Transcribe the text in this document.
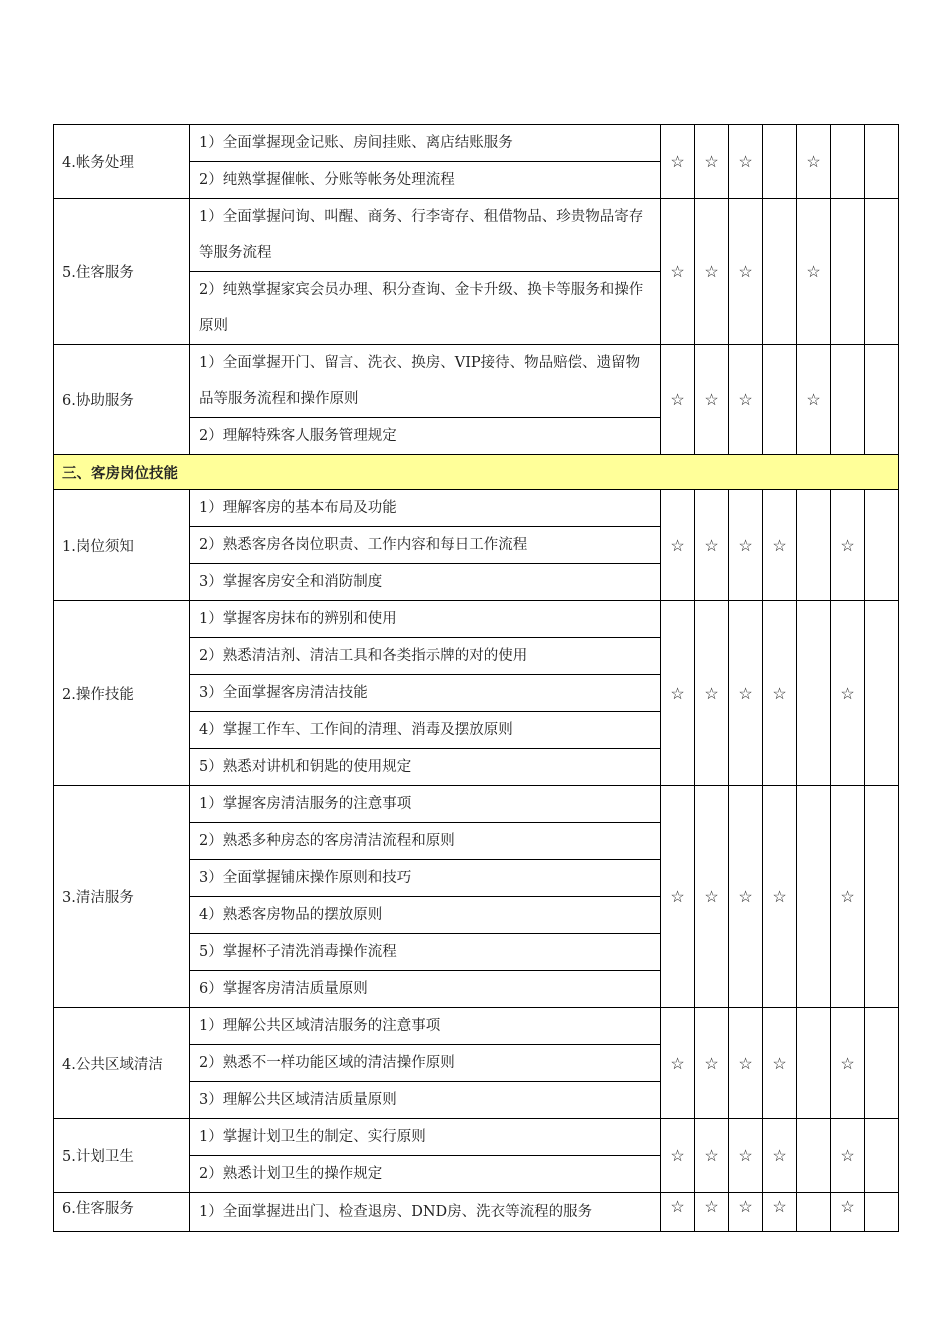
4.帐务处理	1）全面掌握现金记账、房间挂账、离店结账服务	☆	☆	☆		☆		
	2）纯熟掌握催帐、分账等帐务处理流程							
5.住客服务	1）全面掌握问询、叫醒、商务、行李寄存、租借物品、珍贵物品寄存等服务流程	☆	☆	☆		☆		
	2）纯熟掌握家宾会员办理、积分查询、金卡升级、换卡等服务和操作原则							
6.协助服务	1）全面掌握开门、留言、洗衣、换房、VIP接待、物品赔偿、遗留物品等服务流程和操作原则	☆	☆	☆		☆		
	2）理解特殊客人服务管理规定							
三、客房岗位技能								
1.岗位须知	1）理解客房的基本布局及功能	☆	☆	☆	☆		☆	
	2）熟悉客房各岗位职责、工作内容和每日工作流程							
	3）掌握客房安全和消防制度							
2.操作技能	1）掌握客房抹布的辨别和使用	☆	☆	☆	☆		☆	
	2）熟悉清洁剂、清洁工具和各类指示牌的对的使用							
	3）全面掌握客房清洁技能							
	4）掌握工作车、工作间的清理、消毒及摆放原则							
	5）熟悉对讲机和钥匙的使用规定							
3.清洁服务	1）掌握客房清洁服务的注意事项	☆	☆	☆	☆		☆	
	2）熟悉多种房态的客房清洁流程和原则							
	3）全面掌握铺床操作原则和技巧							
	4）熟悉客房物品的摆放原则							
	5）掌握杯子清洗消毒操作流程							
	6）掌握客房清洁质量原则							
4.公共区域清洁	1）理解公共区域清洁服务的注意事项	☆	☆	☆	☆		☆	
	2）熟悉不一样功能区域的清洁操作原则							
	3）理解公共区域清洁质量原则							
5.计划卫生	1）掌握计划卫生的制定、实行原则	☆	☆	☆	☆		☆	
	2）熟悉计划卫生的操作规定							
6.住客服务	1）全面掌握进出门、检查退房、DND房、洗衣等流程的服务	☆	☆	☆	☆		☆	
